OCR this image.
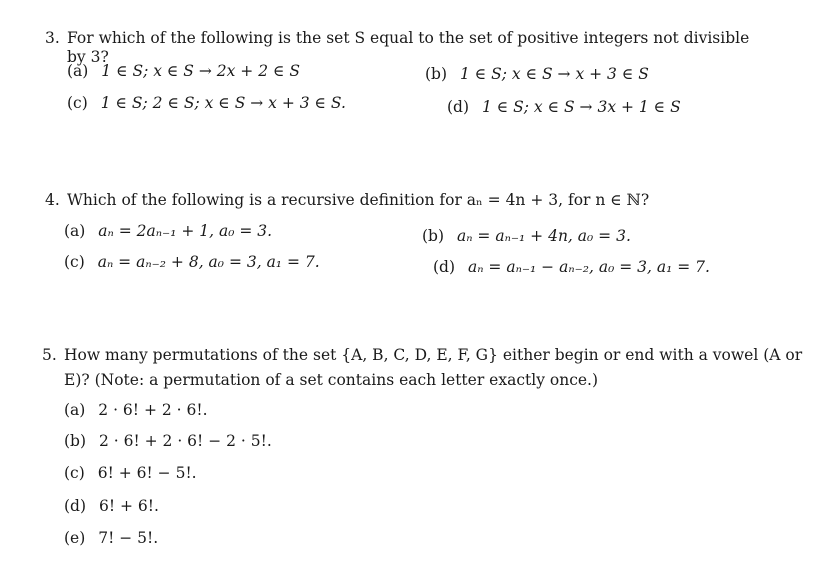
3. For which of the following is the set S equal to the set of positive integers not divisible by 3?
(a) 1 ∈ S; x ∈ S → 2x + 2 ∈ S	(b) 1 ∈ S; x ∈ S → x + 3 ∈ S
(c) 1 ∈ S; 2 ∈ S; x ∈ S → x + 3 ∈ S.	(d) 1 ∈ S; x ∈ S → 3x + 1 ∈ S
4. Which of the following is a recursive definition for aₙ = 4n + 3, for n ∈ ℕ?
(a) aₙ = 2aₙ₋₁ + 1, a₀ = 3.	(b) aₙ = aₙ₋₁ + 4n, a₀ = 3.
(c) aₙ = aₙ₋₂ + 8, a₀ = 3, a₁ = 7.	(d) aₙ = aₙ₋₁ − aₙ₋₂, a₀ = 3, a₁ = 7.
5. How many permutations of the set {A, B, C, D, E, F, G} either begin or end with a vowel (A or
E)? (Note: a permutation of a set contains each letter exactly once.)
(a) 2 · 6! + 2 · 6!.
(b) 2 · 6! + 2 · 6! − 2 · 5!.
(c) 6! + 6! − 5!.
(d) 6! + 6!.
(e) 7! − 5!.
